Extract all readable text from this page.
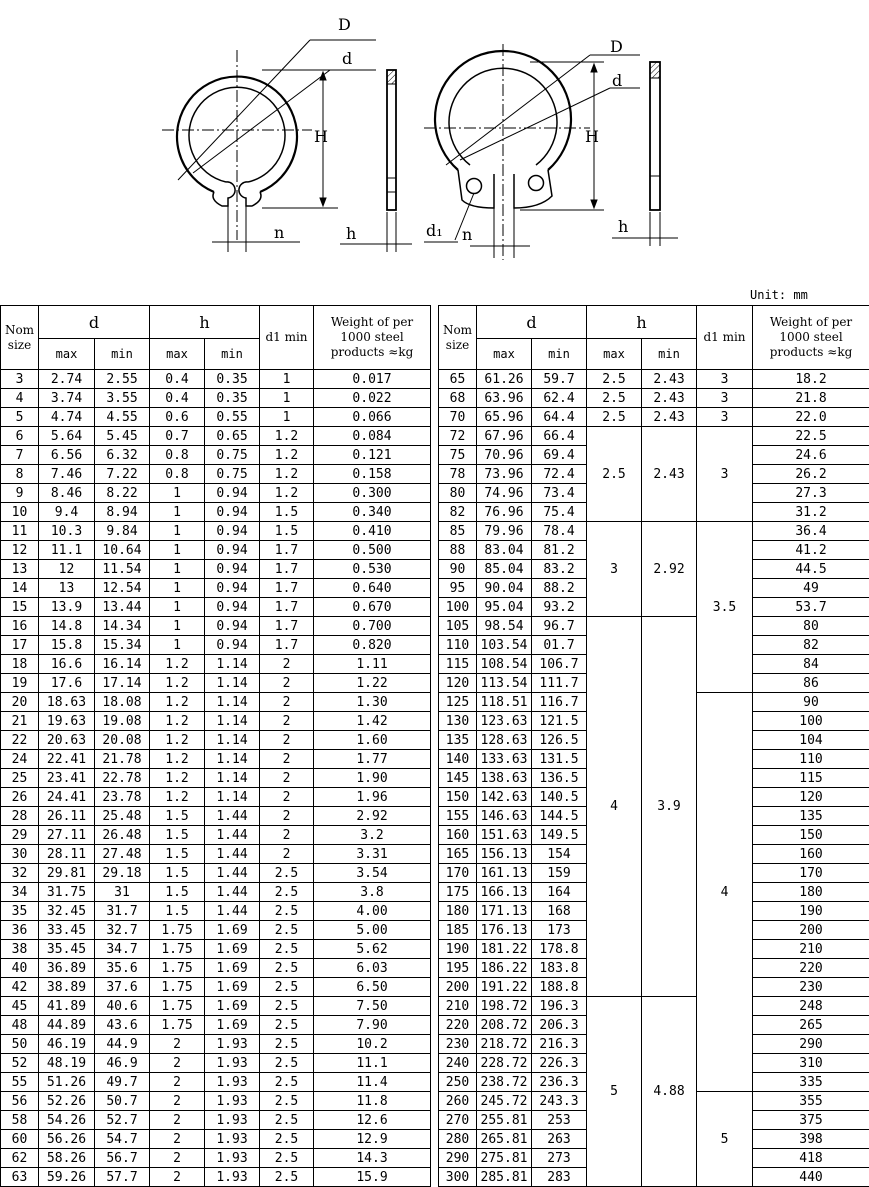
D
d
H
n	h
D
d
H
d₁ n	h
Unit: mm
Nom size	d		h		d1 min	Weight of per 1000 steel products ≈kg
	max	min	max	min		
3	2.74	2.55	0.4	0.35	1	0.017
4	3.74	3.55	0.4	0.35	1	0.022
5	4.74	4.55	0.6	0.55	1	0.066
6	5.64	5.45	0.7	0.65	1.2	0.084
7	6.56	6.32	0.8	0.75	1.2	0.121
8	7.46	7.22	0.8	0.75	1.2	0.158
9	8.46	8.22	1	0.94	1.2	0.300
10	9.4	8.94	1	0.94	1.5	0.340
11	10.3	9.84	1	0.94	1.5	0.410
12	11.1	10.64	1	0.94	1.7	0.500
13	12	11.54	1	0.94	1.7	0.530
14	13	12.54	1	0.94	1.7	0.640
15	13.9	13.44	1	0.94	1.7	0.670
16	14.8	14.34	1	0.94	1.7	0.700
17	15.8	15.34	1	0.94	1.7	0.820
18	16.6	16.14	1.2	1.14	2	1.11
19	17.6	17.14	1.2	1.14	2	1.22
20	18.63	18.08	1.2	1.14	2	1.30
21	19.63	19.08	1.2	1.14	2	1.42
22	20.63	20.08	1.2	1.14	2	1.60
24	22.41	21.78	1.2	1.14	2	1.77
25	23.41	22.78	1.2	1.14	2	1.90
26	24.41	23.78	1.2	1.14	2	1.96
28	26.11	25.48	1.5	1.44	2	2.92
29	27.11	26.48	1.5	1.44	2	3.2
30	28.11	27.48	1.5	1.44	2	3.31
32	29.81	29.18	1.5	1.44	2.5	3.54
34	31.75	31	1.5	1.44	2.5	3.8
35	32.45	31.7	1.5	1.44	2.5	4.00
36	33.45	32.7	1.75	1.69	2.5	5.00
38	35.45	34.7	1.75	1.69	2.5	5.62
40	36.89	35.6	1.75	1.69	2.5	6.03
42	38.89	37.6	1.75	1.69	2.5	6.50
45	41.89	40.6	1.75	1.69	2.5	7.50
48	44.89	43.6	1.75	1.69	2.5	7.90
50	46.19	44.9	2	1.93	2.5	10.2
52	48.19	46.9	2	1.93	2.5	11.1
55	51.26	49.7	2	1.93	2.5	11.4
56	52.26	50.7	2	1.93	2.5	11.8
58	54.26	52.7	2	1.93	2.5	12.6
60	56.26	54.7	2	1.93	2.5	12.9
62	58.26	56.7	2	1.93	2.5	14.3
63	59.26	57.7	2	1.93	2.5	15.9
Nom size	d		h		d1 min	Weight of per 1000 steel products ≈kg
	max	min	max	min		
65	61.26	59.7	2.5	2.43	3	18.2
68	63.96	62.4	2.5	2.43	3	21.8
70	65.96	64.4	2.5	2.43	3	22.0
72	67.96	66.4	2.5	2.43	3	22.5
75	70.96	69.4				24.6
78	73.96	72.4				26.2
80	74.96	73.4				27.3
82	76.96	75.4				31.2
85	79.96	78.4	3	2.92	3.5	36.4
88	83.04	81.2				41.2
90	85.04	83.2				44.5
95	90.04	88.2				49
100	95.04	93.2				53.7
105	98.54	96.7	4	3.9		80
110	103.54	01.7				82
115	108.54	106.7				84
120	113.54	111.7				86
125	118.51	116.7			4	90
130	123.63	121.5				100
135	128.63	126.5				104
140	133.63	131.5				110
145	138.63	136.5				115
150	142.63	140.5				120
155	146.63	144.5				135
160	151.63	149.5				150
165	156.13	154				160
170	161.13	159				170
175	166.13	164				180
180	171.13	168				190
185	176.13	173				200
190	181.22	178.8				210
195	186.22	183.8				220
200	191.22	188.8				230
210	198.72	196.3	5	4.88		248
220	208.72	206.3				265
230	218.72	216.3				290
240	228.72	226.3				310
250	238.72	236.3				335
260	245.72	243.3			5	355
270	255.81	253				375
280	265.81	263				398
290	275.81	273				418
300	285.81	283				440
